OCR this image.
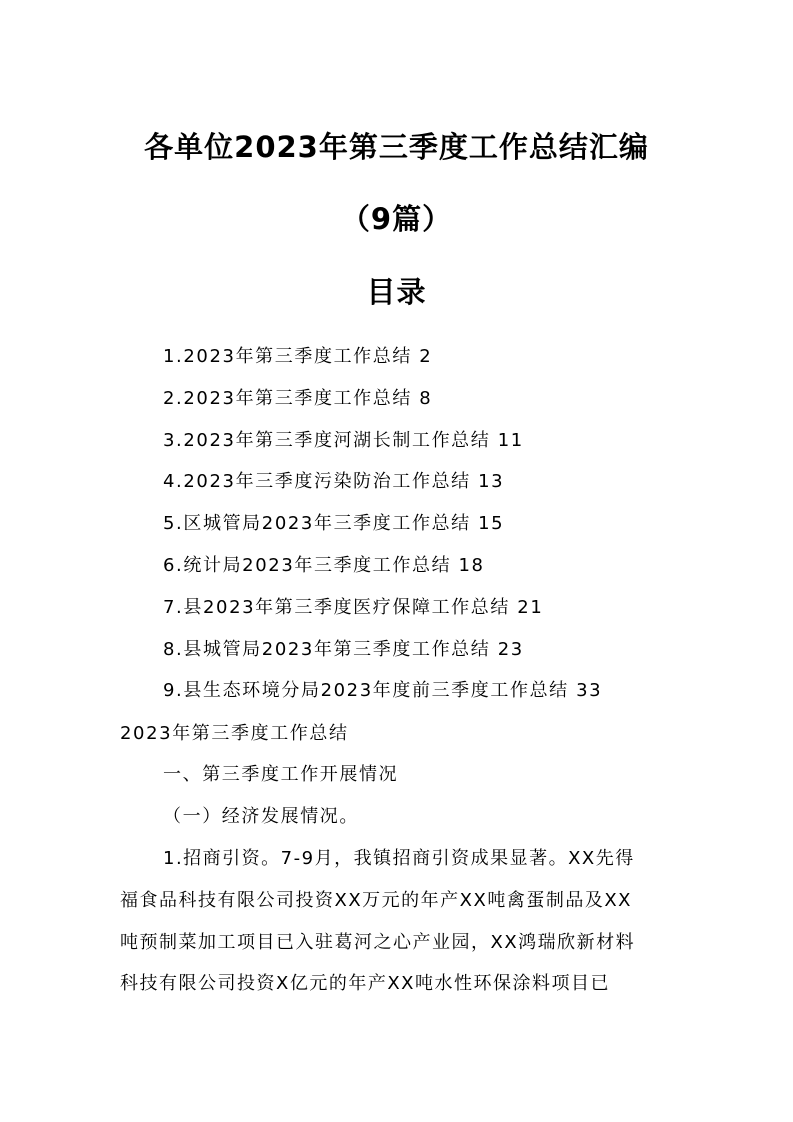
各单位2023年第三季度工作总结汇编
（9篇）
目录
1.2023年第三季度工作总结 2
2.2023年第三季度工作总结 8
3.2023年第三季度河湖长制工作总结 11
4.2023年三季度污染防治工作总结 13
5.区城管局2023年三季度工作总结 15
6.统计局2023年三季度工作总结 18
7.县2023年第三季度医疗保障工作总结 21
8.县城管局2023年第三季度工作总结 23
9.县生态环境分局2023年度前三季度工作总结 33
2023年第三季度工作总结
一、第三季度工作开展情况
（一）经济发展情况。
1.招商引资。7-9月，我镇招商引资成果显著。XX先得
福食品科技有限公司投资XX万元的年产XX吨禽蛋制品及XX
吨预制菜加工项目已入驻葛河之心产业园，XX鸿瑞欣新材料
科技有限公司投资X亿元的年产XX吨水性环保涂料项目已
